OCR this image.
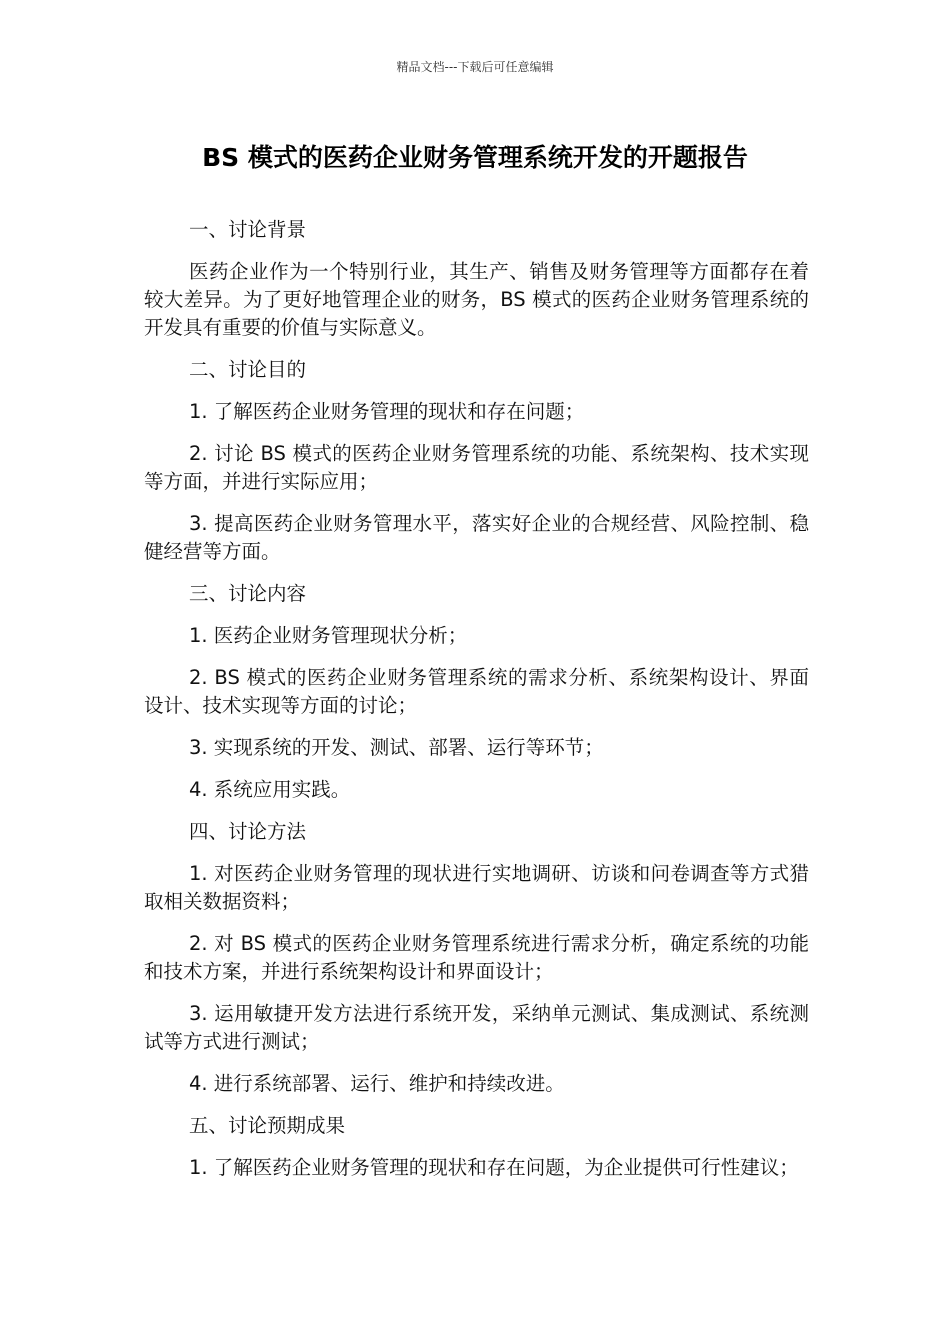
精品文档---下载后可任意编辑
BS 模式的医药企业财务管理系统开发的开题报告

一、讨论背景

医药企业作为一个特别行业，其生产、销售及财务管理等方面都存在着较大差异。为了更好地管理企业的财务，BS 模式的医药企业财务管理系统的开发具有重要的价值与实际意义。

二、讨论目的

1. 了解医药企业财务管理的现状和存在问题；

2. 讨论 BS 模式的医药企业财务管理系统的功能、系统架构、技术实现等方面，并进行实际应用；

3. 提高医药企业财务管理水平，落实好企业的合规经营、风险控制、稳健经营等方面。

三、讨论内容

1. 医药企业财务管理现状分析；

2. BS 模式的医药企业财务管理系统的需求分析、系统架构设计、界面设计、技术实现等方面的讨论；

3. 实现系统的开发、测试、部署、运行等环节；

4. 系统应用实践。

四、讨论方法

1. 对医药企业财务管理的现状进行实地调研、访谈和问卷调查等方式猎取相关数据资料；

2. 对 BS 模式的医药企业财务管理系统进行需求分析，确定系统的功能和技术方案，并进行系统架构设计和界面设计；

3. 运用敏捷开发方法进行系统开发，采纳单元测试、集成测试、系统测试等方式进行测试；

4. 进行系统部署、运行、维护和持续改进。

五、讨论预期成果

1. 了解医药企业财务管理的现状和存在问题，为企业提供可行性建议；
